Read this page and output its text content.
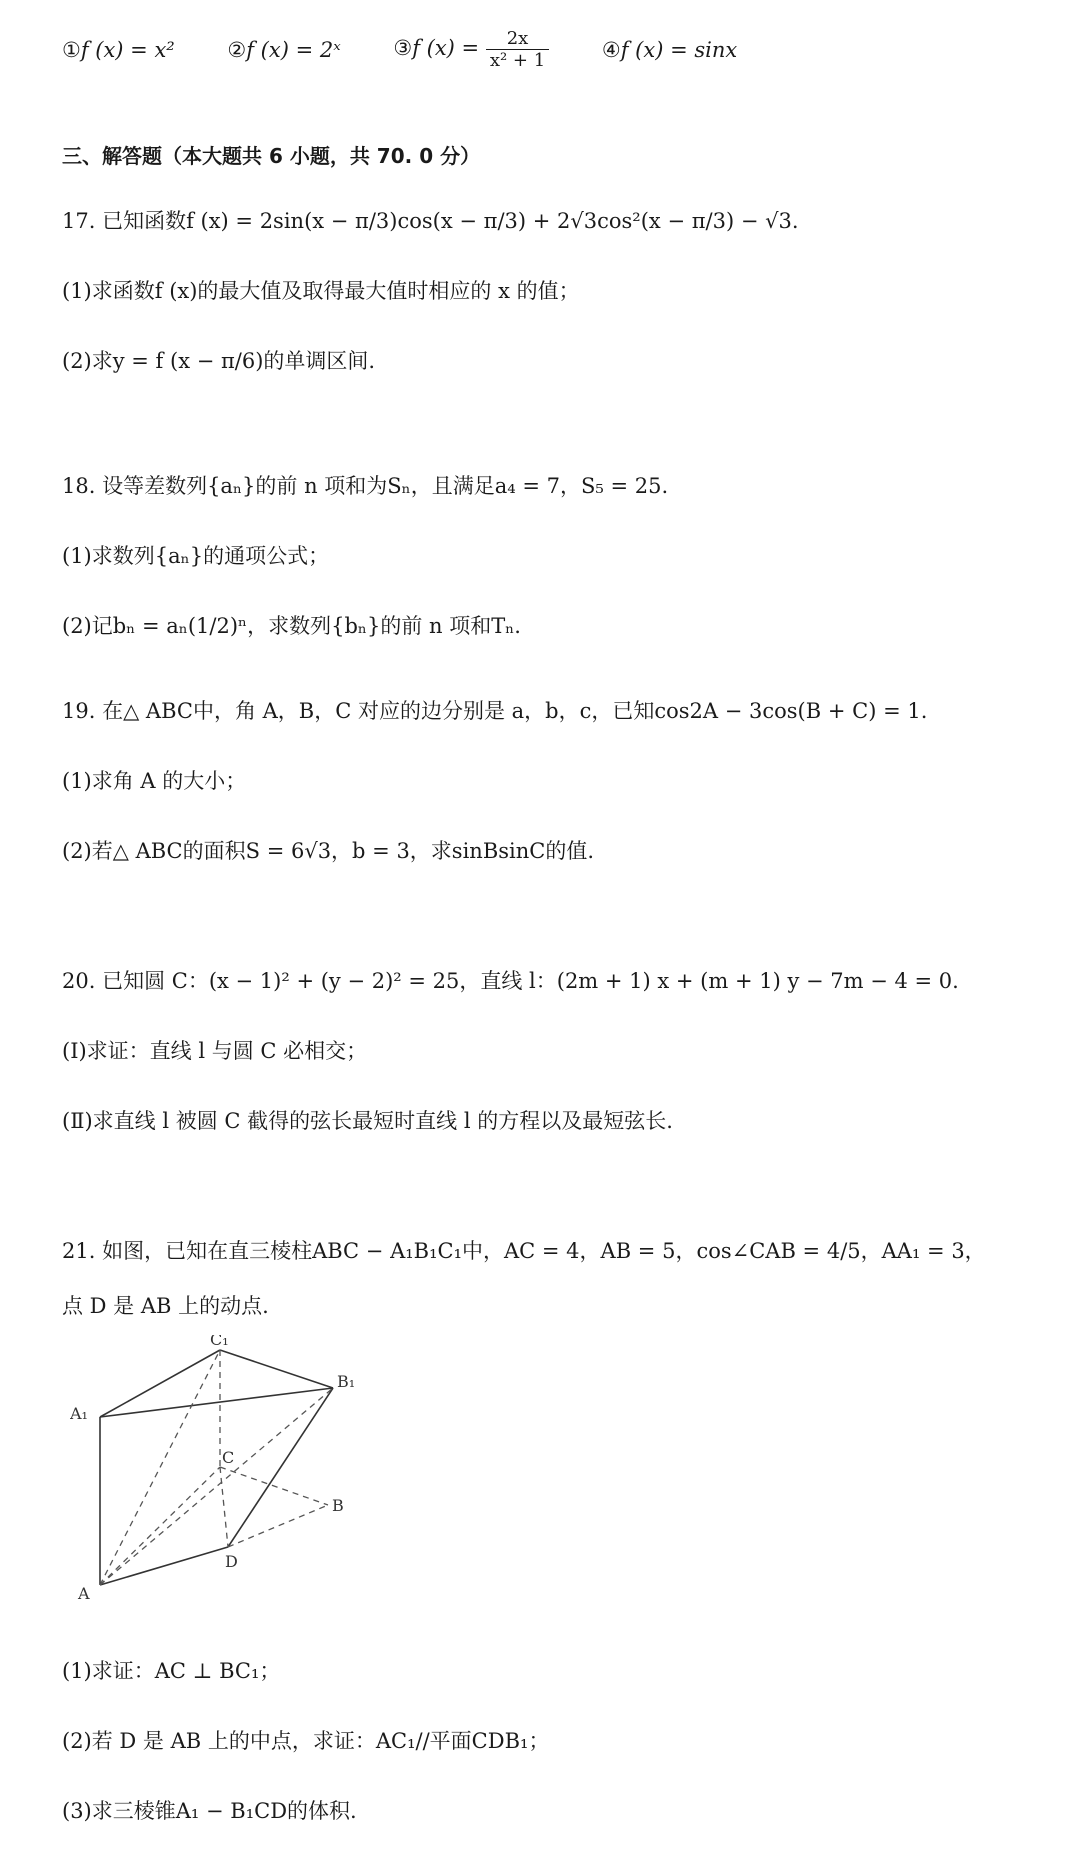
①f (x) = x²	②f (x) = 2ˣ	③f $(x) = \frac{2x}{\text{x² + 1}}$	④f (x) = sinx
三、解答题（本大题共 6 小题，共 70. 0 分）
17. 已知函数f (x) = 2sin(x − π/3)cos(x − π/3) + 2√3cos²(x − π/3) − √3.
(1)求函数f (x)的最大值及取得最大值时相应的 x 的值；
(2)求y = f (x − π/6)的单调区间.
18. 设等差数列{aₙ}的前 n 项和为Sₙ，且满足a₄ = 7，S₅ = 25.
(1)求数列{aₙ}的通项公式；
(2)记bₙ = aₙ(1/2)ⁿ，求数列{bₙ}的前 n 项和Tₙ.
19. 在△ ABC中，角 A，B，C 对应的边分别是 a，b，c，已知cos2A − 3cos(B + C) = 1.
(1)求角 A 的大小；
(2)若△ ABC的面积S = 6√3，b = 3，求sinBsinC的值.
20. 已知圆 C：(x − 1)² + (y − 2)² = 25，直线 l：(2m + 1) x + (m + 1) y − 7m − 4 = 0.
(Ⅰ)求证：直线 l 与圆 C 必相交；
(Ⅱ)求直线 l 被圆 C 截得的弦长最短时直线 l 的方程以及最短弦长.
21. 如图，已知在直三棱柱ABC − A₁B₁C₁中，AC = 4，AB = 5，cos∠CAB = 4/5，AA₁ = 3，
点 D 是 AB 上的动点.
C₁
B₁
A₁
C
B
D
A
(1)求证：AC ⊥ BC₁；
(2)若 D 是 AB 上的中点，求证：AC₁//平面CDB₁；
(3)求三棱锥A₁ − B₁CD的体积.
